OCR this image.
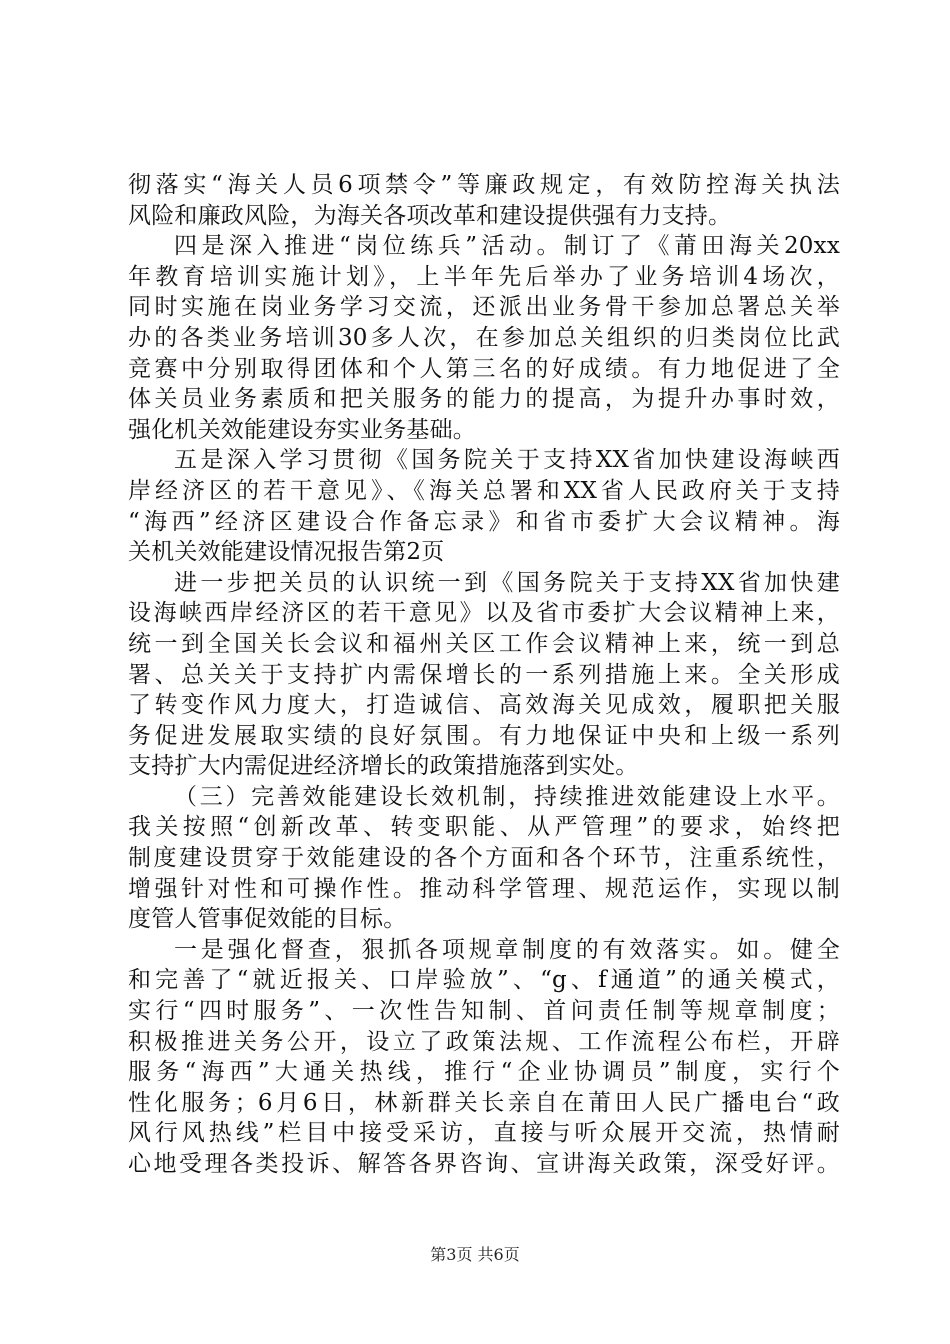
彻落实“海关人员6项禁令”等廉政规定，有效防控海关执法
风险和廉政风险，为海关各项改革和建设提供强有力支持。
四是深入推进“岗位练兵”活动。制订了《莆田海关20xx
年教育培训实施计划》，上半年先后举办了业务培训4场次，
同时实施在岗业务学习交流，还派出业务骨干参加总署总关举
办的各类业务培训30多人次，在参加总关组织的归类岗位比武
竞赛中分别取得团体和个人第三名的好成绩。有力地促进了全
体关员业务素质和把关服务的能力的提高，为提升办事时效，
强化机关效能建设夯实业务基础。
五是深入学习贯彻《国务院关于支持XX省加快建设海峡西
岸经济区的若干意见》、《海关总署和XX省人民政府关于支持
“海西”经济区建设合作备忘录》和省市委扩大会议精神。海
关机关效能建设情况报告第2页
进一步把关员的认识统一到《国务院关于支持XX省加快建
设海峡西岸经济区的若干意见》以及省市委扩大会议精神上来，
统一到全国关长会议和福州关区工作会议精神上来，统一到总
署、总关关于支持扩内需保增长的一系列措施上来。全关形成
了转变作风力度大，打造诚信、高效海关见成效，履职把关服
务促进发展取实绩的良好氛围。有力地保证中央和上级一系列
支持扩大内需促进经济增长的政策措施落到实处。
（三）完善效能建设长效机制，持续推进效能建设上水平。
我关按照“创新改革、转变职能、从严管理”的要求，始终把
制度建设贯穿于效能建设的各个方面和各个环节，注重系统性，
增强针对性和可操作性。推动科学管理、规范运作，实现以制
度管人管事促效能的目标。
一是强化督查，狠抓各项规章制度的有效落实。如。健全
和完善了“就近报关、口岸验放”、“g、f通道”的通关模式，
实行“四时服务”、一次性告知制、首问责任制等规章制度；
积极推进关务公开，设立了政策法规、工作流程公布栏，开辟
服务“海西”大通关热线，推行“企业协调员”制度，实行个
性化服务；6月6日，林新群关长亲自在莆田人民广播电台“政
风行风热线”栏目中接受采访，直接与听众展开交流，热情耐
心地受理各类投诉、解答各界咨询、宣讲海关政策，深受好评。
第3页 共6页
